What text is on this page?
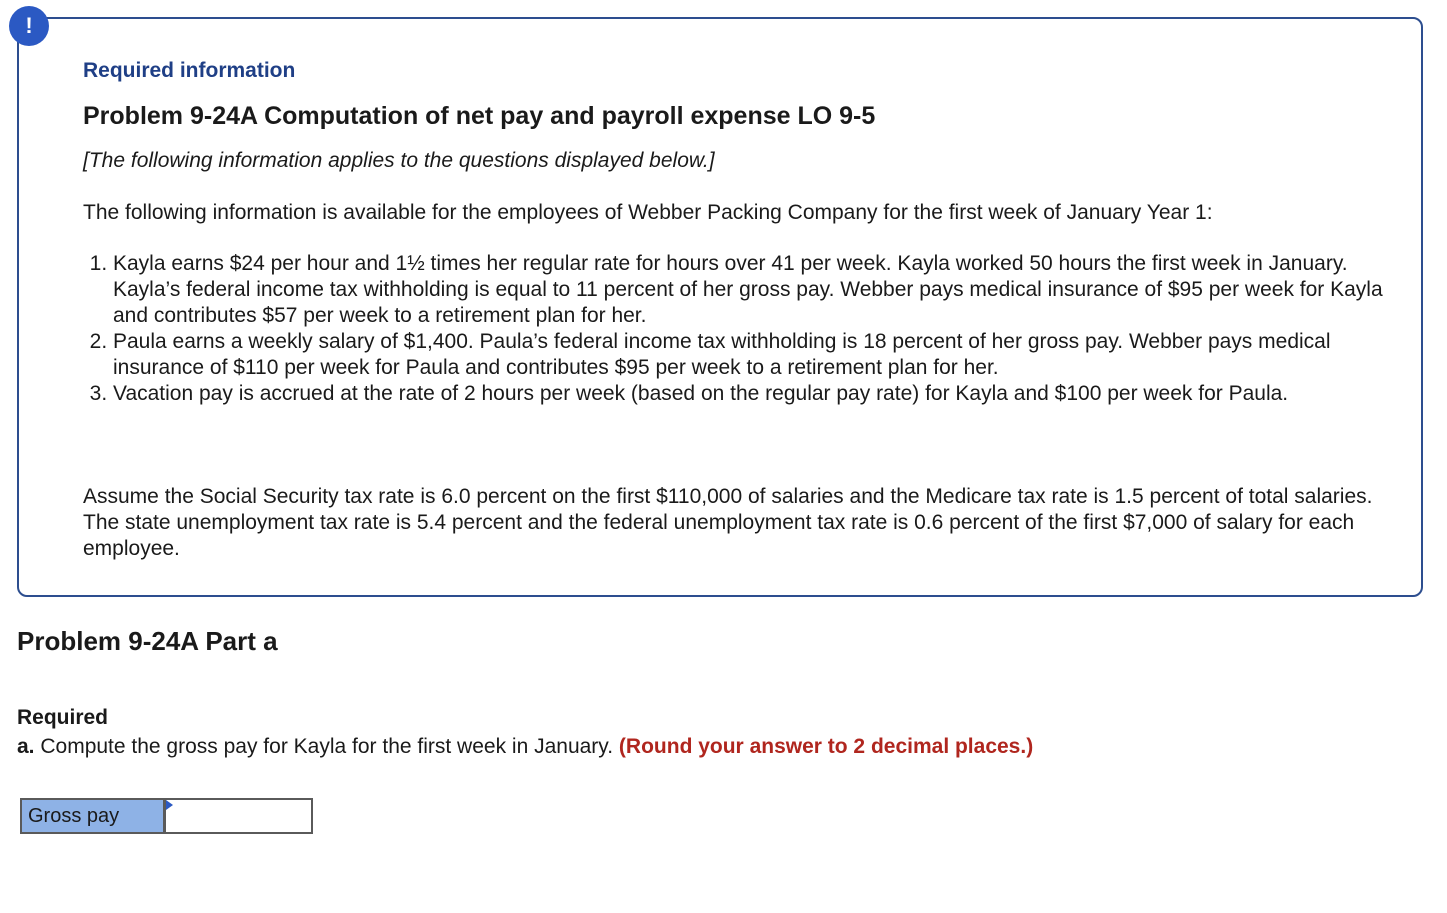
!
Required information
Problem 9-24A Computation of net pay and payroll expense LO 9-5
[The following information applies to the questions displayed below.]
The following information is available for the employees of Webber Packing Company for the first week of January Year 1:
1. Kayla earns $24 per hour and 1½ times her regular rate for hours over 41 per week. Kayla worked 50 hours the first week in January. Kayla’s federal income tax withholding is equal to 11 percent of her gross pay. Webber pays medical insurance of $95 per week for Kayla and contributes $57 per week to a retirement plan for her.
2. Paula earns a weekly salary of $1,400. Paula’s federal income tax withholding is 18 percent of her gross pay. Webber pays medical insurance of $110 per week for Paula and contributes $95 per week to a retirement plan for her.
3. Vacation pay is accrued at the rate of 2 hours per week (based on the regular pay rate) for Kayla and $100 per week for Paula.
Assume the Social Security tax rate is 6.0 percent on the first $110,000 of salaries and the Medicare tax rate is 1.5 percent of total salaries. The state unemployment tax rate is 5.4 percent and the federal unemployment tax rate is 0.6 percent of the first $7,000 of salary for each employee.
Problem 9-24A Part a
Required
a. Compute the gross pay for Kayla for the first week in January. (Round your answer to 2 decimal places.)
Gross pay
